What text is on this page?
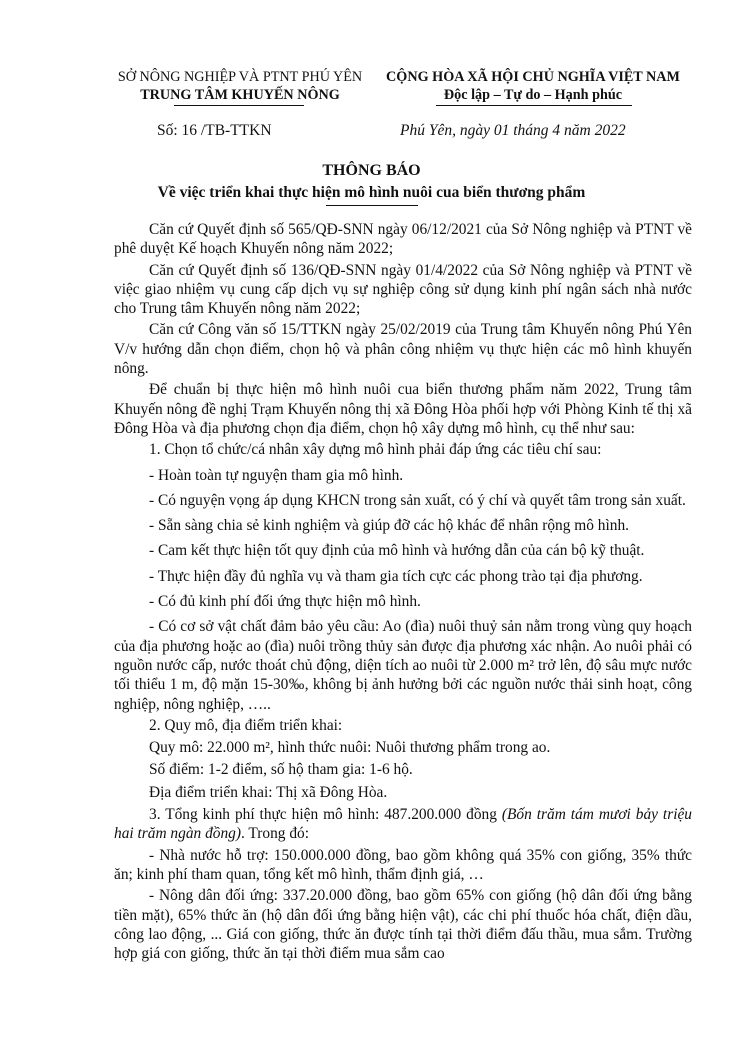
SỞ NÔNG NGHIỆP VÀ PTNT PHÚ YÊN
TRUNG TÂM KHUYẾN NÔNG
CỘNG HÒA XÃ HỘI CHỦ NGHĨA VIỆT NAM
Độc lập – Tự do – Hạnh phúc
Số: 16 /TB-TTKN	Phú Yên, ngày 01 tháng 4 năm 2022
THÔNG BÁO
Về việc triển khai thực hiện mô hình nuôi cua biển thương phẩm

Căn cứ Quyết định số 565/QĐ-SNN ngày 06/12/2021 của Sở Nông nghiệp và PTNT về phê duyệt Kế hoạch Khuyến nông năm 2022;

Căn cứ Quyết định số 136/QĐ-SNN ngày 01/4/2022 của Sở Nông nghiệp và PTNT về việc giao nhiệm vụ cung cấp dịch vụ sự nghiệp công sử dụng kinh phí ngân sách nhà nước cho Trung tâm Khuyến nông năm 2022;

Căn cứ Công văn số 15/TTKN ngày 25/02/2019 của Trung tâm Khuyến nông Phú Yên V/v hướng dẫn chọn điểm, chọn hộ và phân công nhiệm vụ thực hiện các mô hình khuyến nông.

Để chuẩn bị thực hiện mô hình nuôi cua biển thương phẩm năm 2022, Trung tâm Khuyến nông đề nghị Trạm Khuyến nông thị xã Đông Hòa phối hợp với Phòng Kinh tế thị xã Đông Hòa và địa phương chọn địa điểm, chọn hộ xây dựng mô hình, cụ thể như sau:

1. Chọn tổ chức/cá nhân xây dựng mô hình phải đáp ứng các tiêu chí sau:

- Hoàn toàn tự nguyện tham gia mô hình.

- Có nguyện vọng áp dụng KHCN trong sản xuất, có ý chí và quyết tâm trong sản xuất.

- Sẵn sàng chia sẻ kinh nghiệm và giúp đỡ các hộ khác để nhân rộng mô hình.

- Cam kết thực hiện tốt quy định của mô hình và hướng dẫn của cán bộ kỹ thuật.

- Thực hiện đầy đủ nghĩa vụ và tham gia tích cực các phong trào tại địa phương.

- Có đủ kinh phí đối ứng thực hiện mô hình.

- Có cơ sở vật chất đảm bảo yêu cầu: Ao (đìa) nuôi thuỷ sản nằm trong vùng quy hoạch của địa phương hoặc ao (đìa) nuôi trồng thủy sản được địa phương xác nhận. Ao nuôi phải có nguồn nước cấp, nước thoát chủ động, diện tích ao nuôi từ 2.000 m² trở lên, độ sâu mực nước tối thiểu 1 m, độ mặn 15-30‰, không bị ảnh hưởng bởi các nguồn nước thải sinh hoạt, công nghiệp, nông nghiệp, …..

2. Quy mô, địa điểm triển khai:

Quy mô: 22.000 m², hình thức nuôi: Nuôi thương phẩm trong ao.

Số điểm: 1-2 điểm, số hộ tham gia: 1-6 hộ.

Địa điểm triển khai: Thị xã Đông Hòa.

3. Tổng kinh phí thực hiện mô hình: 487.200.000 đồng (Bốn trăm tám mươi bảy triệu hai trăm ngàn đồng). Trong đó:

- Nhà nước hỗ trợ: 150.000.000 đồng, bao gồm không quá 35% con giống, 35% thức ăn; kinh phí tham quan, tổng kết mô hình, thẩm định giá, …

- Nông dân đối ứng: 337.20.000 đồng, bao gồm 65% con giống (hộ dân đối ứng bằng tiền mặt), 65% thức ăn (hộ dân đối ứng bằng hiện vật), các chi phí thuốc hóa chất, điện dầu, công lao động, ... Giá con giống, thức ăn được tính tại thời điểm đấu thầu, mua sắm. Trường hợp giá con giống, thức ăn tại thời điểm mua sắm cao
